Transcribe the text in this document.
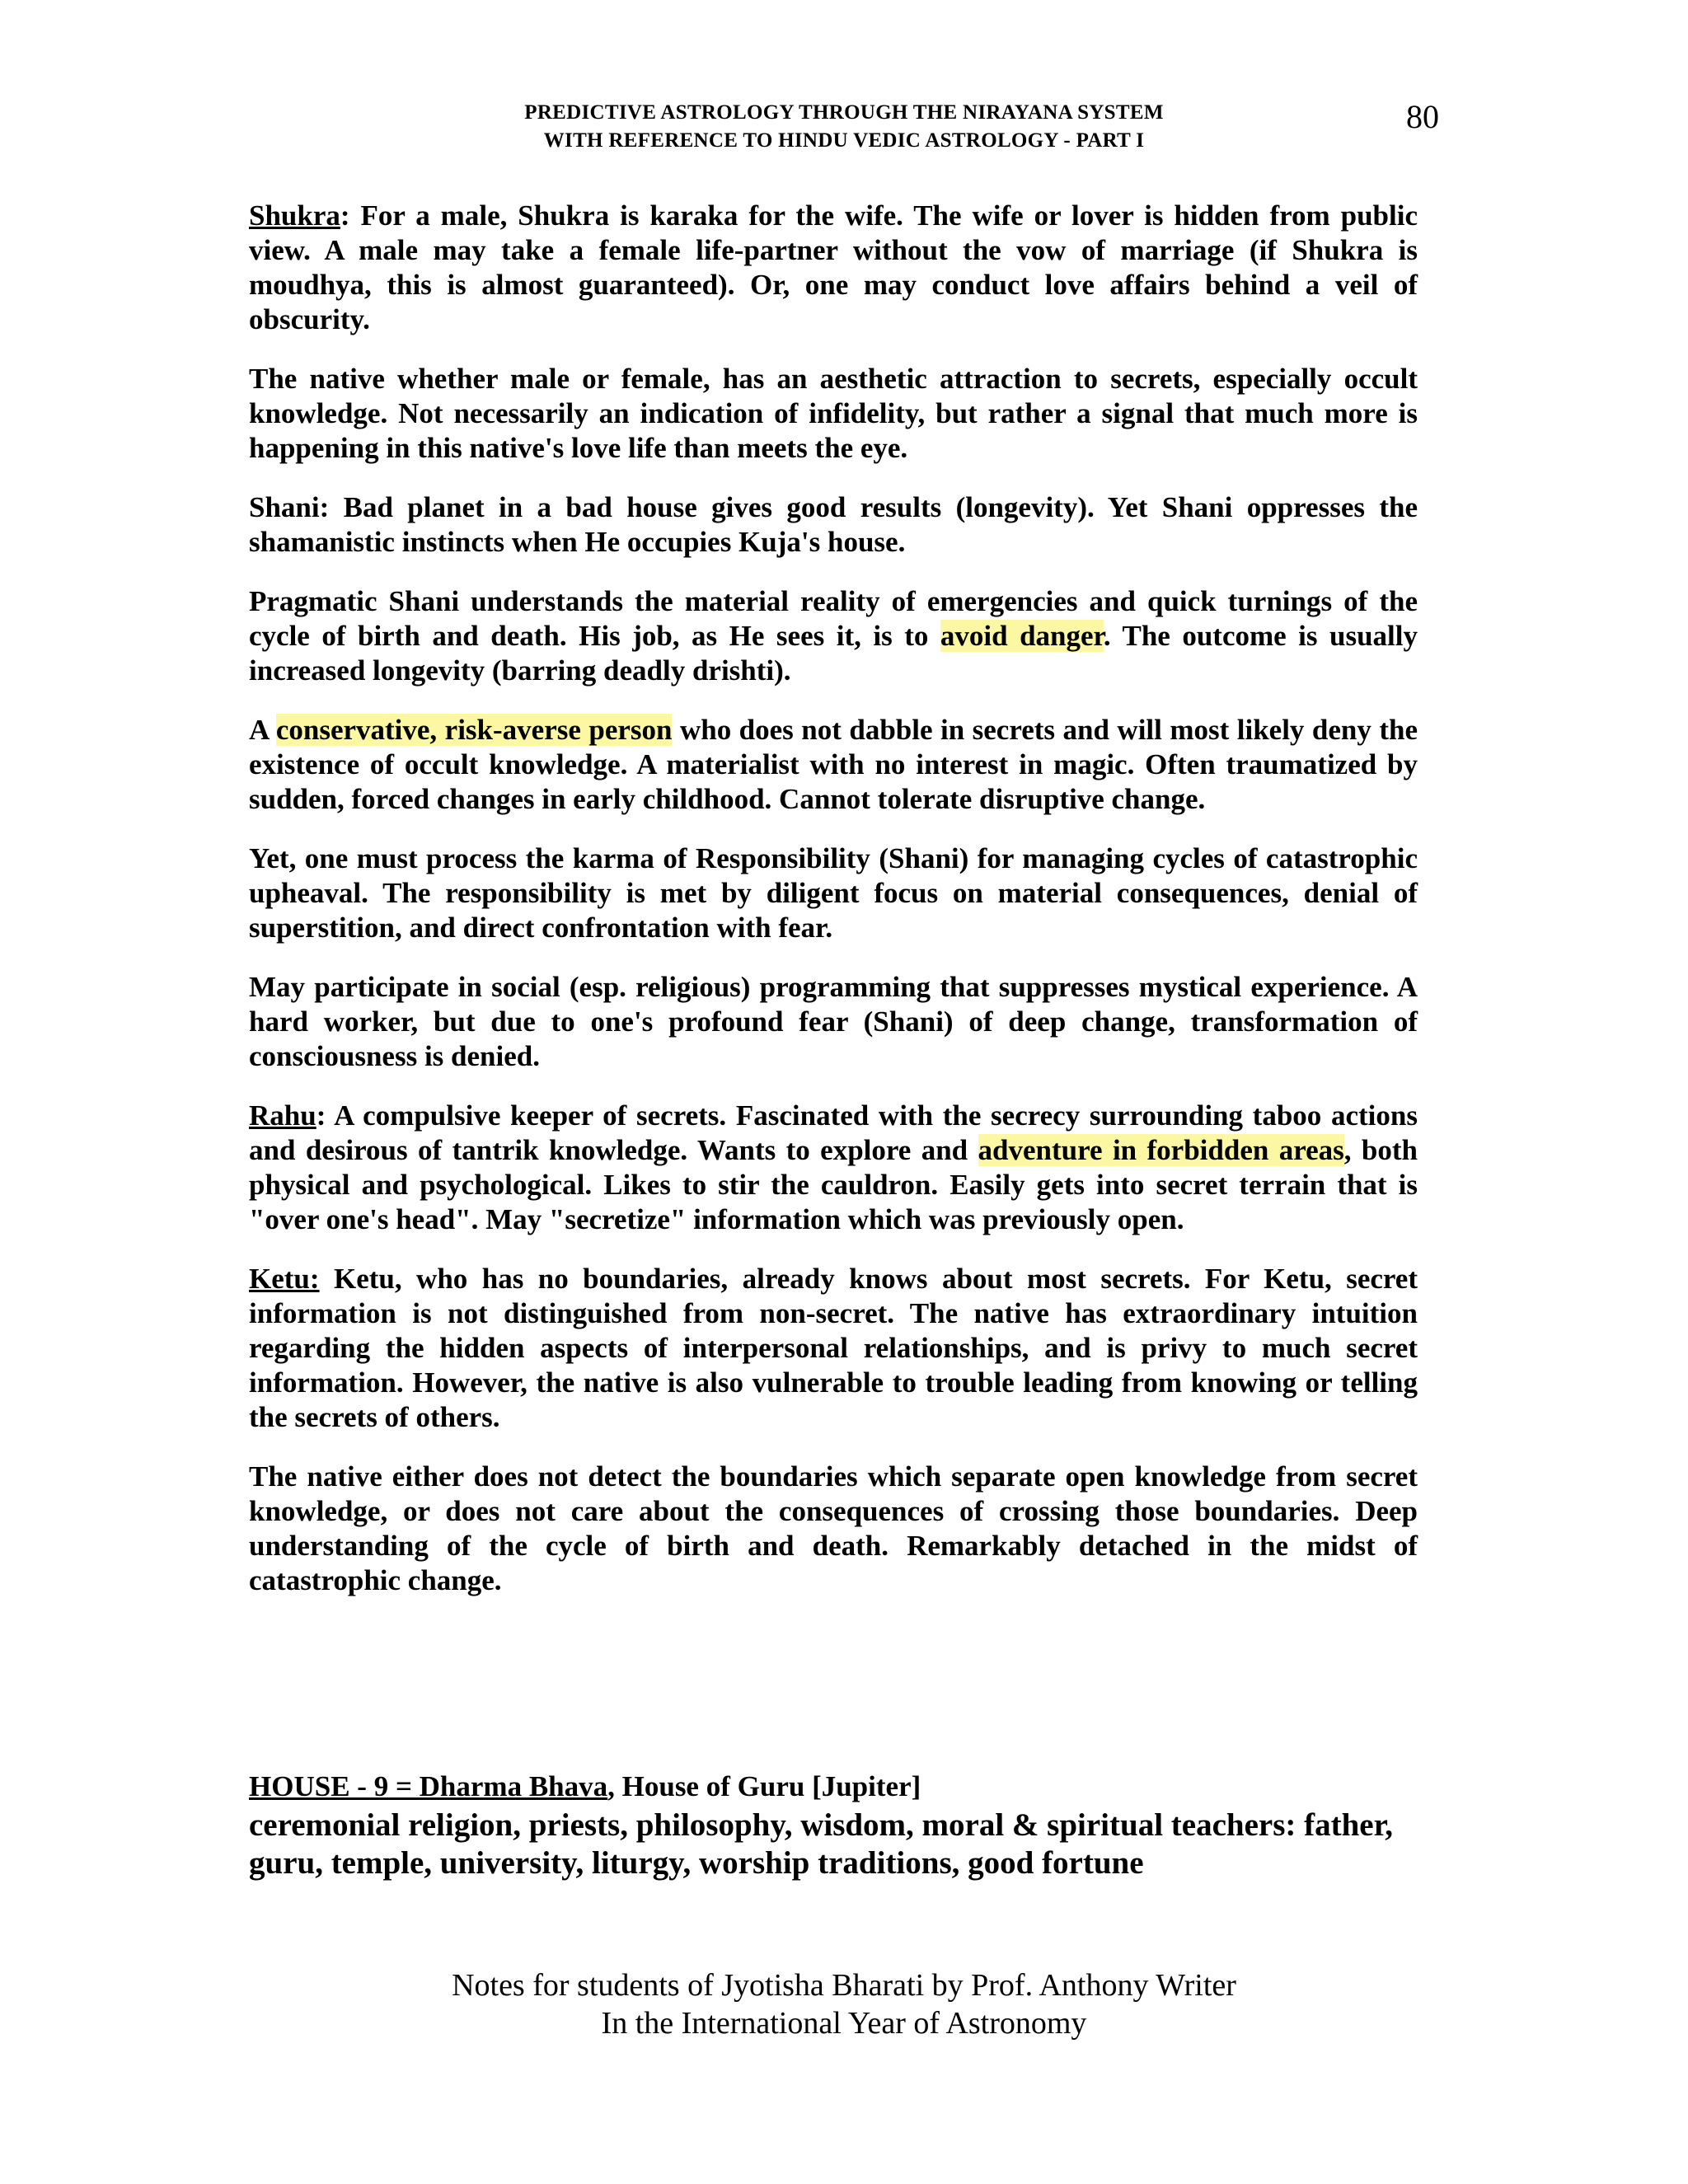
PREDICTIVE ASTROLOGY THROUGH THE NIRAYANA SYSTEM
WITH REFERENCE TO HINDU VEDIC ASTROLOGY - PART I
80

Shukra: For a male, Shukra is karaka for the wife. The wife or lover is hidden from public view. A male may take a female life-partner without the vow of marriage (if Shukra is moudhya, this is almost guaranteed). Or, one may conduct love affairs behind a veil of obscurity.

The native whether male or female, has an aesthetic attraction to secrets, especially occult knowledge. Not necessarily an indication of infidelity, but rather a signal that much more is happening in this native's love life than meets the eye.

Shani: Bad planet in a bad house gives good results (longevity). Yet Shani oppresses the shamanistic instincts when He occupies Kuja's house.

Pragmatic Shani understands the material reality of emergencies and quick turnings of the cycle of birth and death. His job, as He sees it, is to avoid danger. The outcome is usually increased longevity (barring deadly drishti).

A conservative, risk-averse person who does not dabble in secrets and will most likely deny the existence of occult knowledge. A materialist with no interest in magic. Often traumatized by sudden, forced changes in early childhood. Cannot tolerate disruptive change.

Yet, one must process the karma of Responsibility (Shani) for managing cycles of catastrophic upheaval. The responsibility is met by diligent focus on material consequences, denial of superstition, and direct confrontation with fear.

May participate in social (esp. religious) programming that suppresses mystical experience. A hard worker, but due to one's profound fear (Shani) of deep change, transformation of consciousness is denied.

Rahu: A compulsive keeper of secrets. Fascinated with the secrecy surrounding taboo actions and desirous of tantrik knowledge. Wants to explore and adventure in forbidden areas, both physical and psychological. Likes to stir the cauldron. Easily gets into secret terrain that is "over one's head". May "secretize" information which was previously open.

Ketu: Ketu, who has no boundaries, already knows about most secrets. For Ketu, secret information is not distinguished from non-secret. The native has extraordinary intuition regarding the hidden aspects of interpersonal relationships, and is privy to much secret information. However, the native is also vulnerable to trouble leading from knowing or telling the secrets of others.

The native either does not detect the boundaries which separate open knowledge from secret knowledge, or does not care about the consequences of crossing those boundaries. Deep understanding of the cycle of birth and death. Remarkably detached in the midst of catastrophic change.

HOUSE - 9 = Dharma Bhava, House of Guru [Jupiter]
ceremonial religion, priests, philosophy, wisdom, moral & spiritual teachers: father, guru, temple, university, liturgy, worship traditions, good fortune
Notes for students of Jyotisha Bharati by Prof. Anthony Writer
In the International Year of Astronomy
